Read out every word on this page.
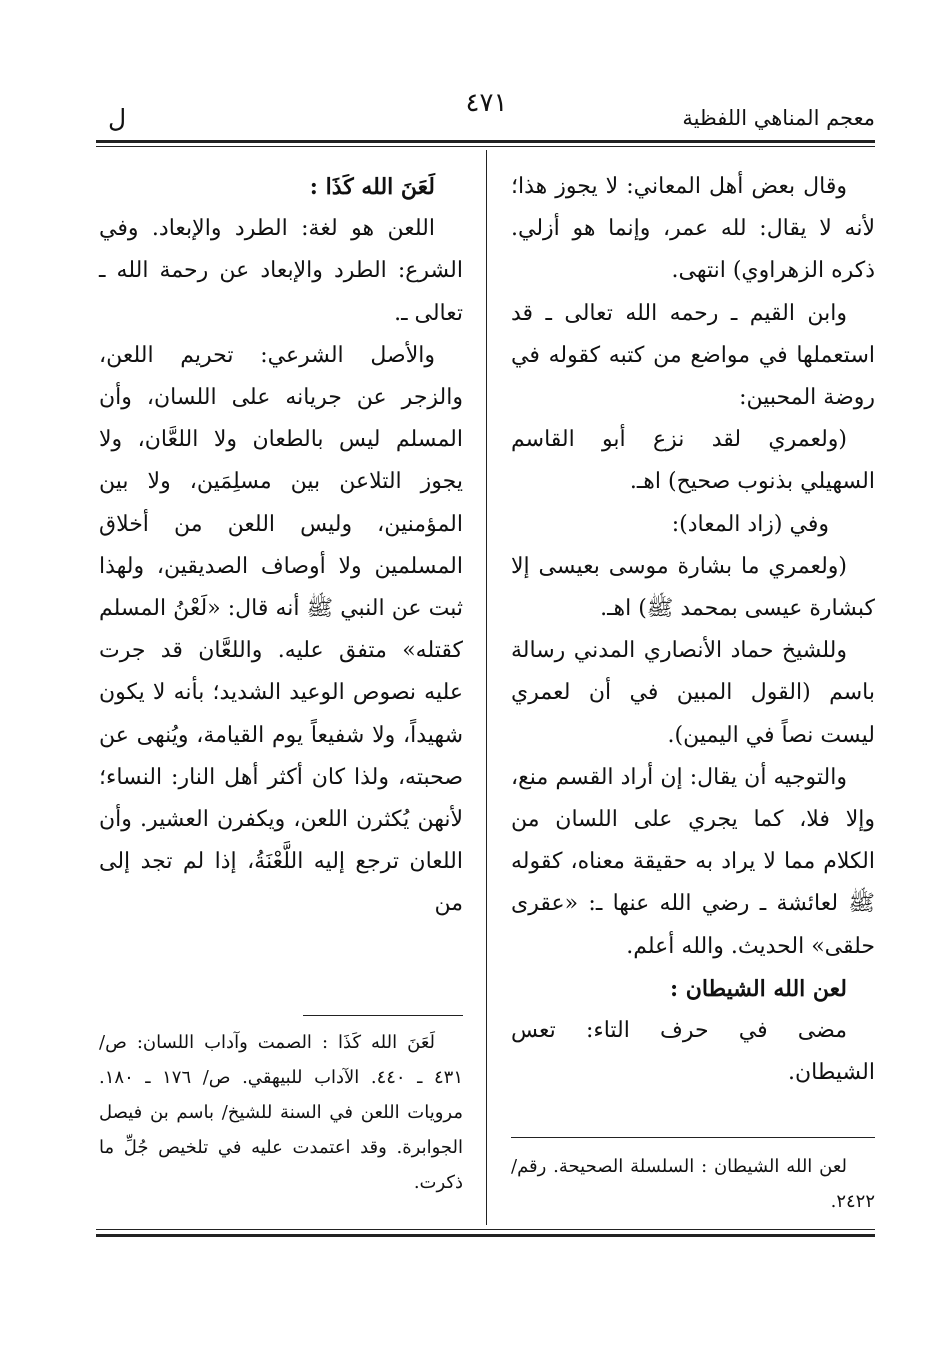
معجم المناهي اللفظية
٤٧١
ل

وقال بعض أهل المعاني: لا يجوز هذا؛ لأنه لا يقال: لله عمر، وإنما هو أزلي. ذكره الزهراوي) انتهى.

وابن القيم ـ رحمه الله تعالى ـ قد استعملها في مواضع من كتبه كقوله في روضة المحبين:

(ولعمري لقد نزع أبو القاسم السهيلي بذنوب صحيح) اهـ.

وفي (زاد المعاد):

(ولعمري ما بشارة موسى بعيسى إلا كبشارة عيسى بمحمد ﷺ) اهـ.

وللشيخ حماد الأنصاري المدني رسالة باسم (القول المبين في أن لعمري ليست نصاً في اليمين).

والتوجيه أن يقال: إن أراد القسم منع، وإلا فلا، كما يجري على اللسان من الكلام مما لا يراد به حقيقة معناه، كقوله ﷺ لعائشة ـ رضي الله عنها ـ: «عقرى حلقى» الحديث. والله أعلم.

لعن الله الشيطان :

مضى في حرف التاء: تعس الشيطان.

لَعَنَ الله كَذَا :

اللعن هو لغة: الطرد والإبعاد. وفي الشرع: الطرد والإبعاد عن رحمة الله ـ تعالى ـ.

والأصل الشرعي: تحريم اللعن، والزجر عن جريانه على اللسان، وأن المسلم ليس بالطعان ولا اللعَّان، ولا يجوز التلاعن بين مسلِمَين، ولا بين المؤمنين، وليس اللعن من أخلاق المسلمين ولا أوصاف الصديقين، ولهذا ثبت عن النبي ﷺ أنه قال: «لَعْنُ المسلم كقتله» متفق عليه. واللعَّان قد جرت عليه نصوص الوعيد الشديد؛ بأنه لا يكون شهيداً، ولا شفيعاً يوم القيامة، ويُنهى عن صحبته، ولذا كان أكثر أهل النار: النساء؛ لأنهن يُكثرن اللعن، ويكفرن العشير. وأن اللعان ترجع إليه اللَّعْنَةُ، إذا لم تجد إلى من

لَعَنَ الله كَذَا : الصمت وآداب اللسان: ص/ ٤٣١ ـ ٤٤٠. الآداب للبيهقي. ص/ ١٧٦ ـ ١٨٠. مرويات اللعن في السنة للشيخ/ باسم بن فيصل الجوابرة. وقد اعتمدت عليه في تلخيص جُلِّ ما ذكرت.

لعن الله الشيطان : السلسلة الصحيحة. رقم/ ٢٤٢٢.
